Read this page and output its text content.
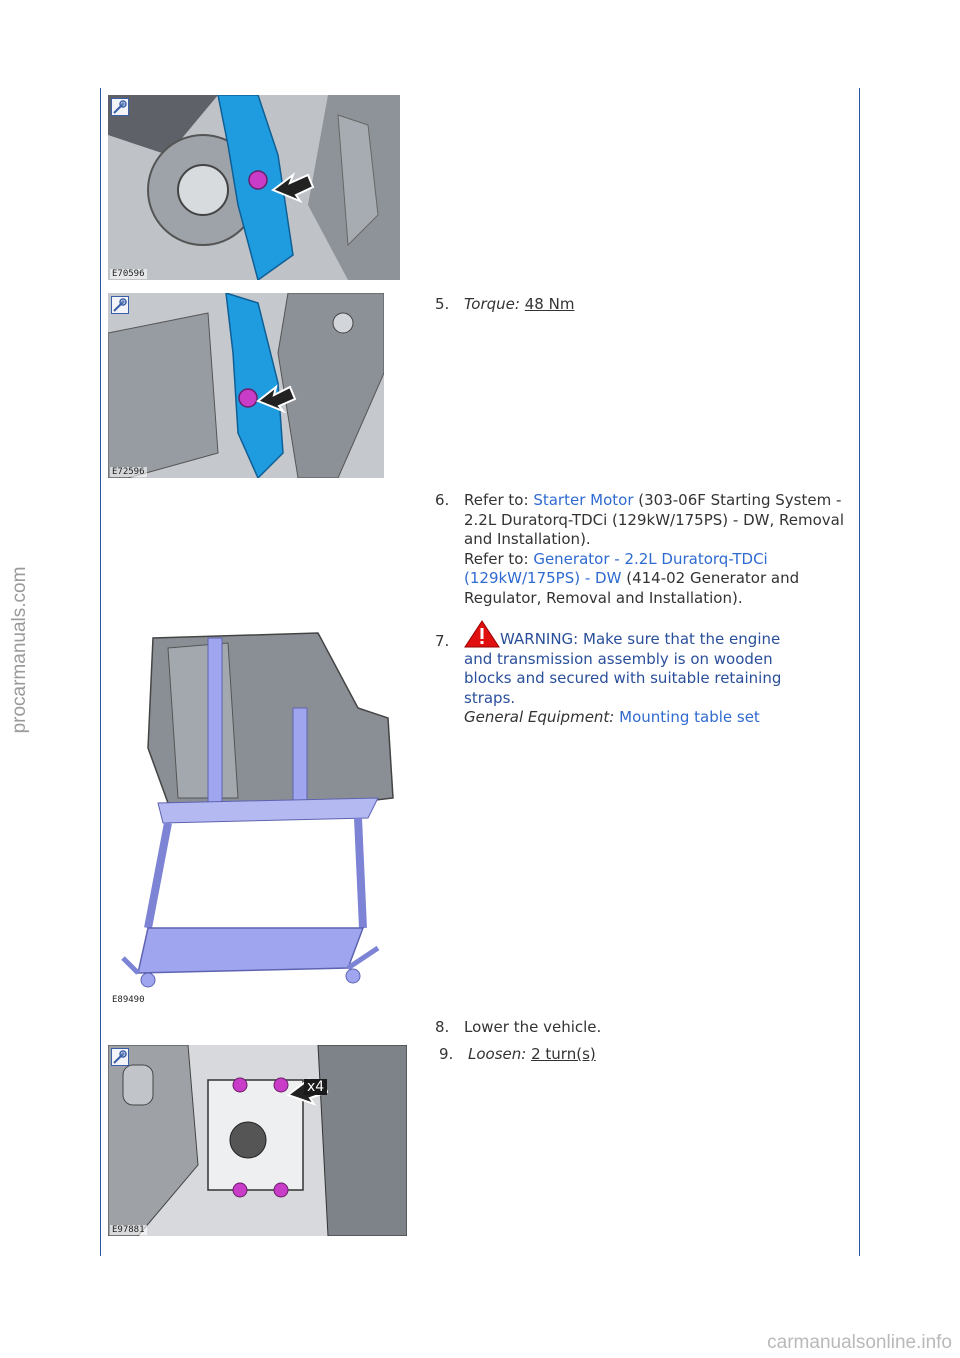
procarmanuals.com
E70596
E72596
E89490
x4
E97881
5. Torque: 48 Nm
6. Refer to: Starter Motor (303-06F Starting System - 2.2L Duratorq-TDCi (129kW/175PS) - DW, Removal and Installation).
Refer to: Generator - 2.2L Duratorq-TDCi (129kW/175PS) - DW (414-02 Generator and Regulator, Removal and Installation).
7.	WARNING: Make sure that the engine and transmission assembly is on wooden blocks and secured with suitable retaining straps.
General Equipment: Mounting table set
8. Lower the vehicle.
9. Loosen: 2 turn(s)
carmanualsonline.info
